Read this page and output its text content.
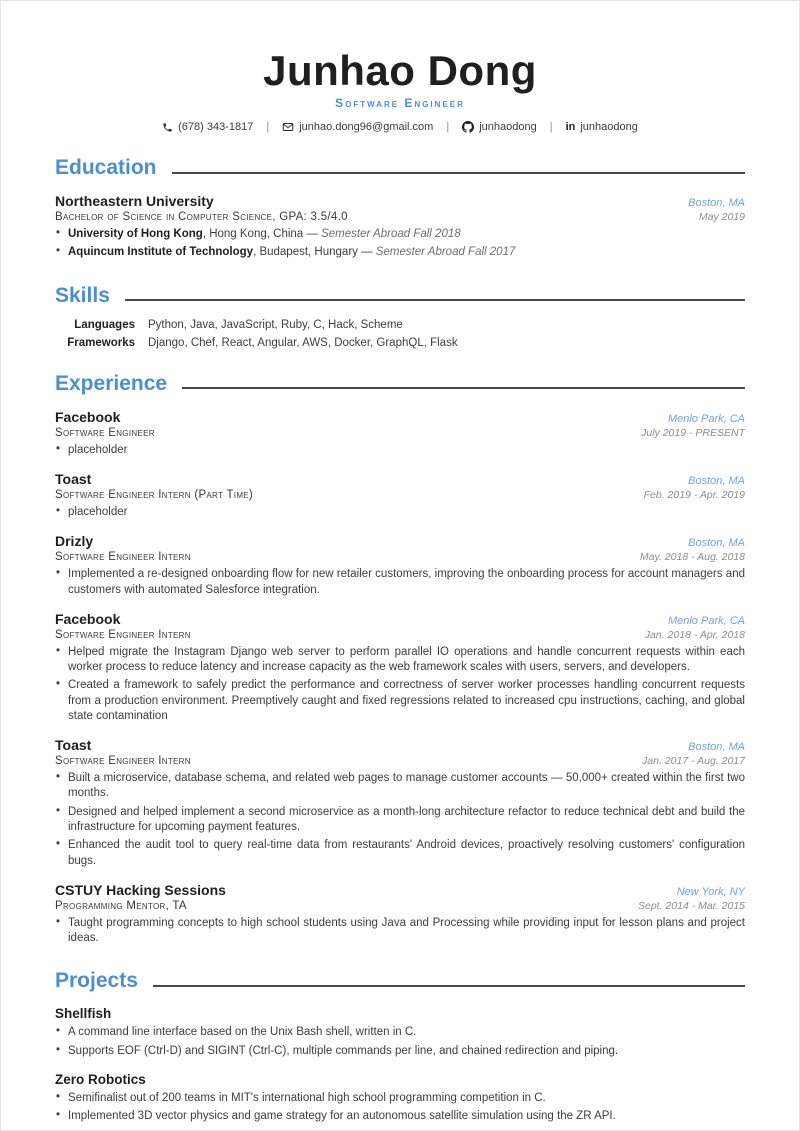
Junhao Dong
Software Engineer
(678) 343-1817 |	junhao.dong96@gmail.com |	junhaodong | in junhaodong
Education
Northeastern University	Boston, MA
Bachelor of Science in Computer Science, GPA: 3.5/4.0	May 2019
• University of Hong Kong, Hong Kong, China — Semester Abroad Fall 2018
• Aquincum Institute of Technology, Budapest, Hungary — Semester Abroad Fall 2017
Skills
Languages Python, Java, JavaScript, Ruby, C, Hack, Scheme
Frameworks Django, Chef, React, Angular, AWS, Docker, GraphQL, Flask
Experience
Facebook	Menlo Park, CA
Software Engineer	July 2019 - PRESENT
• placeholder
Toast	Boston, MA
Software Engineer Intern (Part Time)	Feb. 2019 - Apr. 2019
• placeholder
Drizly	Boston, MA
Software Engineer Intern	May. 2018 - Aug. 2018
• Implemented a re-designed onboarding flow for new retailer customers, improving the onboarding process for account managers and customers with automated Salesforce integration.
Facebook	Menlo Park, CA
Software Engineer Intern	Jan. 2018 - Apr. 2018
• Helped migrate the Instagram Django web server to perform parallel IO operations and handle concurrent requests within each worker process to reduce latency and increase capacity as the web framework scales with users, servers, and developers.
• Created a framework to safely predict the performance and correctness of server worker processes handling concurrent requests from a production environment. Preemptively caught and fixed regressions related to increased cpu instructions, caching, and global state contamination
Toast	Boston, MA
Software Engineer Intern	Jan. 2017 - Aug. 2017
• Built a microservice, database schema, and related web pages to manage customer accounts — 50,000+ created within the first two months.
• Designed and helped implement a second microservice as a month-long architecture refactor to reduce technical debt and build the infrastructure for upcoming payment features.
• Enhanced the audit tool to query real-time data from restaurants' Android devices, proactively resolving customers' configuration bugs.
CSTUY Hacking Sessions	New York, NY
Programming Mentor, TA	Sept. 2014 - Mar. 2015
• Taught programming concepts to high school students using Java and Processing while providing input for lesson plans and project ideas.
Projects
Shellfish
• A command line interface based on the Unix Bash shell, written in C.
• Supports EOF (Ctrl-D) and SIGINT (Ctrl-C), multiple commands per line, and chained redirection and piping.
Zero Robotics
• Semifinalist out of 200 teams in MIT's international high school programming competition in C.
• Implemented 3D vector physics and game strategy for an autonomous satellite simulation using the ZR API.
